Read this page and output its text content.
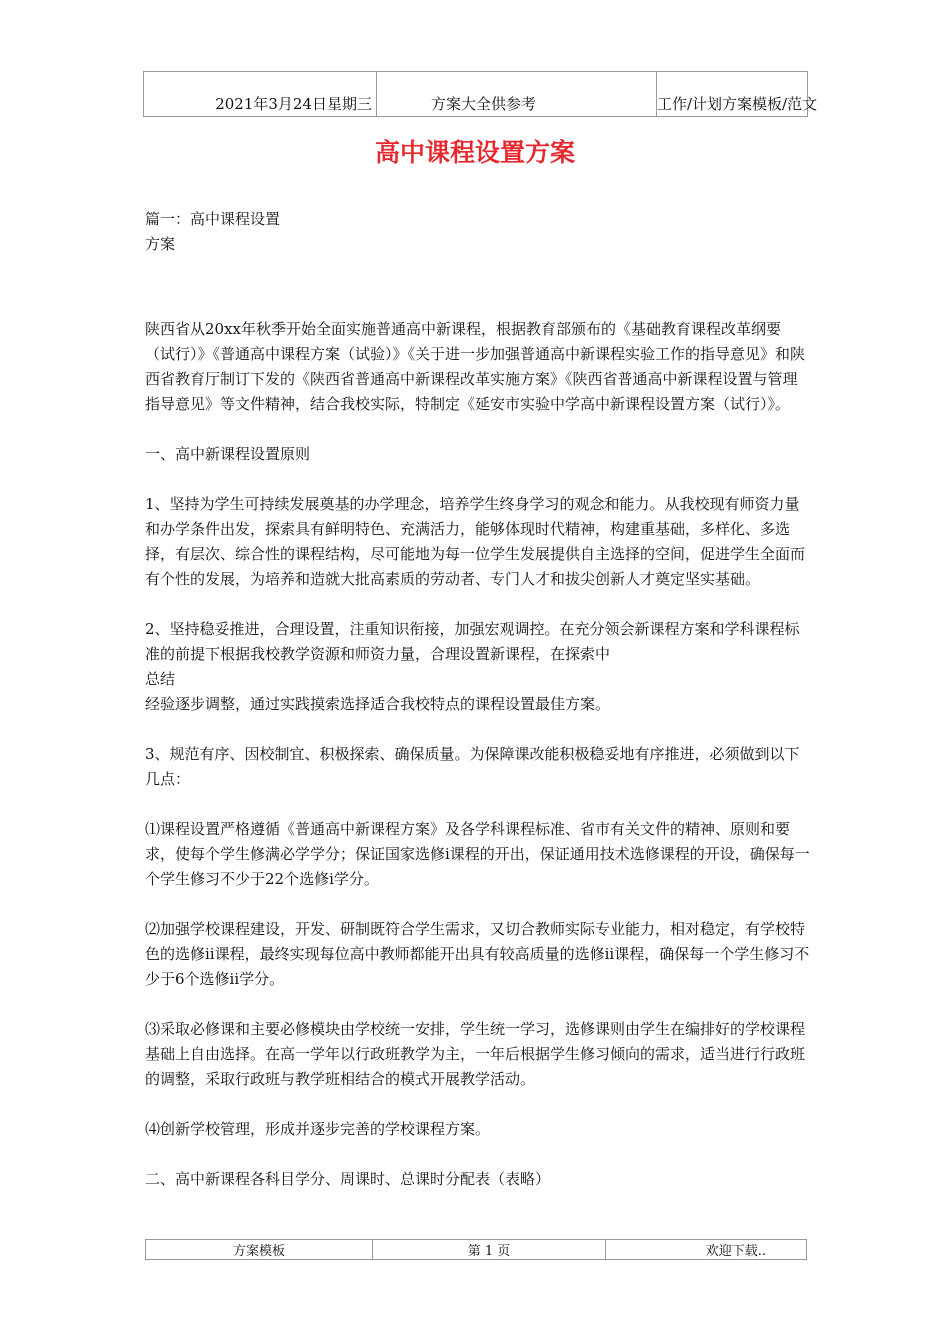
2021年3月24日星期三	方案大全供参考	工作/计划方案模板/范文
高中课程设置方案

篇一：高中课程设置

方案

陕西省从20xx年秋季开始全面实施普通高中新课程，根据教育部颁布的《基础教育课程改革纲要（试行）》《普通高中课程方案（试验）》《关于进一步加强普通高中新课程实验工作的指导意见》和陕西省教育厅制订下发的《陕西省普通高中新课程改革实施方案》《陕西省普通高中新课程设置与管理指导意见》等文件精神，结合我校实际，特制定《延安市实验中学高中新课程设置方案（试行）》。

一、高中新课程设置原则

1、坚持为学生可持续发展奠基的办学理念，培养学生终身学习的观念和能力。从我校现有师资力量和办学条件出发，探索具有鲜明特色、充满活力，能够体现时代精神，构建重基础，多样化、多选择，有层次、综合性的课程结构，尽可能地为每一位学生发展提供自主选择的空间，促进学生全面而有个性的发展，为培养和造就大批高素质的劳动者、专门人才和拔尖创新人才奠定坚实基础。

2、坚持稳妥推进，合理设置，注重知识衔接，加强宏观调控。在充分领会新课程方案和学科课程标准的前提下根据我校教学资源和师资力量，合理设置新课程，在探索中

总结

经验逐步调整，通过实践摸索选择适合我校特点的课程设置最佳方案。

3、规范有序、因校制宜、积极探索、确保质量。为保障课改能积极稳妥地有序推进，必须做到以下几点：

⑴课程设置严格遵循《普通高中新课程方案》及各学科课程标准、省市有关文件的精神、原则和要求，使每个学生修满必学学分；保证国家选修i课程的开出，保证通用技术选修课程的开设，确保每一个学生修习不少于22个选修i学分。

⑵加强学校课程建设，开发、研制既符合学生需求，又切合教师实际专业能力，相对稳定，有学校特色的选修ii课程，最终实现每位高中教师都能开出具有较高质量的选修ii课程，确保每一个学生修习不少于6个选修ii学分。

⑶采取必修课和主要必修模块由学校统一安排，学生统一学习，选修课则由学生在编排好的学校课程基础上自由选择。在高一学年以行政班教学为主，一年后根据学生修习倾向的需求，适当进行行政班的调整，采取行政班与教学班相结合的模式开展教学活动。

⑷创新学校管理，形成并逐步完善的学校课程方案。

二、高中新课程各科目学分、周课时、总课时分配表（表略）

方案模板	第 1 页	欢迎下载..
